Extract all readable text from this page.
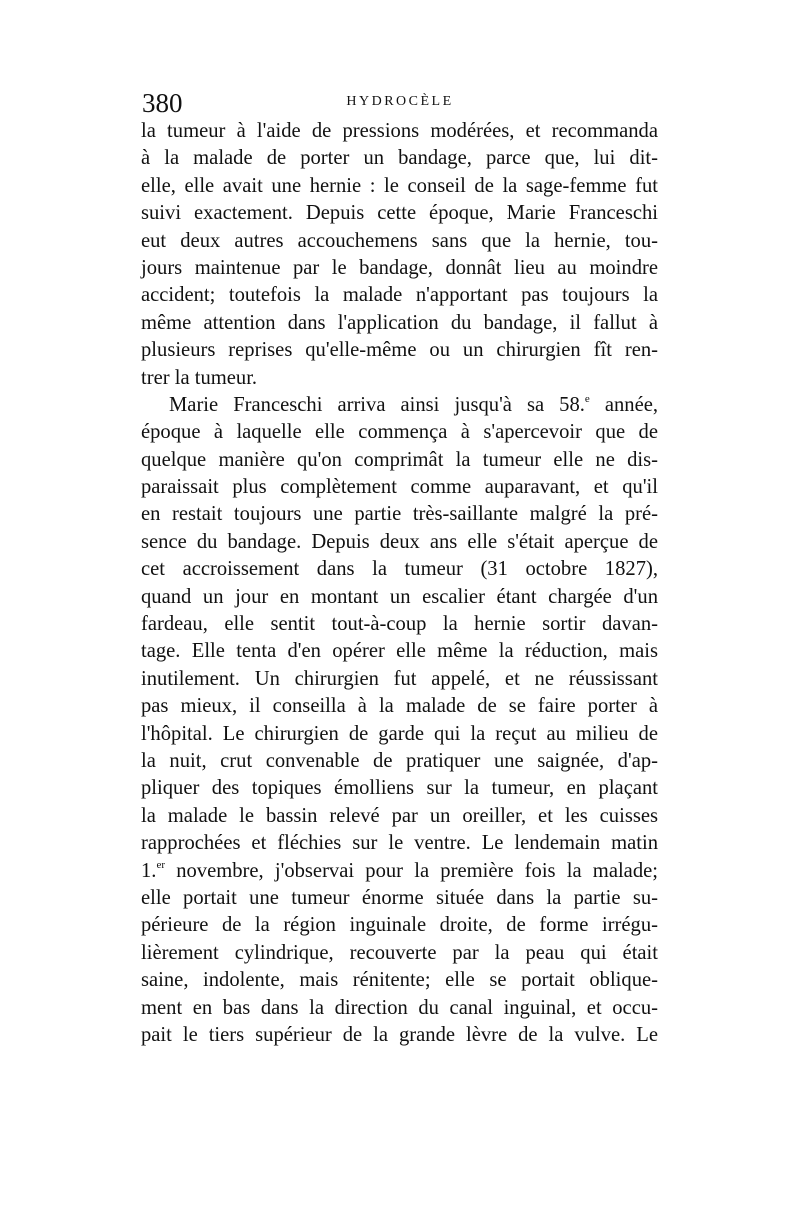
380	HYDROCÈLE
la tumeur à l'aide de pressions modérées, et recommanda
à la malade de porter un bandage, parce que, lui dit-
elle, elle avait une hernie : le conseil de la sage-femme fut
suivi exactement. Depuis cette époque, Marie Franceschi
eut deux autres accouchemens sans que la hernie, tou-
jours maintenue par le bandage, donnât lieu au moindre
accident; toutefois la malade n'apportant pas toujours la
même attention dans l'application du bandage, il fallut à
plusieurs reprises qu'elle-même ou un chirurgien fît ren-
trer la tumeur.
Marie Franceschi arriva ainsi jusqu'à sa 58.$^e$ année,
époque à laquelle elle commença à s'apercevoir que de
quelque manière qu'on comprimât la tumeur elle ne dis-
paraissait plus complètement comme auparavant, et qu'il
en restait toujours une partie très-saillante malgré la pré-
sence du bandage. Depuis deux ans elle s'était aperçue de
cet accroissement dans la tumeur (31 octobre 1827),
quand un jour en montant un escalier étant chargée d'un
fardeau, elle sentit tout-à-coup la hernie sortir davan-
tage. Elle tenta d'en opérer elle même la réduction, mais
inutilement. Un chirurgien fut appelé, et ne réussissant
pas mieux, il conseilla à la malade de se faire porter à
l'hôpital. Le chirurgien de garde qui la reçut au milieu de
la nuit, crut convenable de pratiquer une saignée, d'ap-
pliquer des topiques émolliens sur la tumeur, en plaçant
la malade le bassin relevé par un oreiller, et les cuisses
rapprochées et fléchies sur le ventre. Le lendemain matin
1.$^{er}$ novembre, j'observai pour la première fois la malade;
elle portait une tumeur énorme située dans la partie su-
périeure de la région inguinale droite, de forme irrégu-
lièrement cylindrique, recouverte par la peau qui était
saine, indolente, mais rénitente; elle se portait oblique-
ment en bas dans la direction du canal inguinal, et occu-
pait le tiers supérieur de la grande lèvre de la vulve. Le
